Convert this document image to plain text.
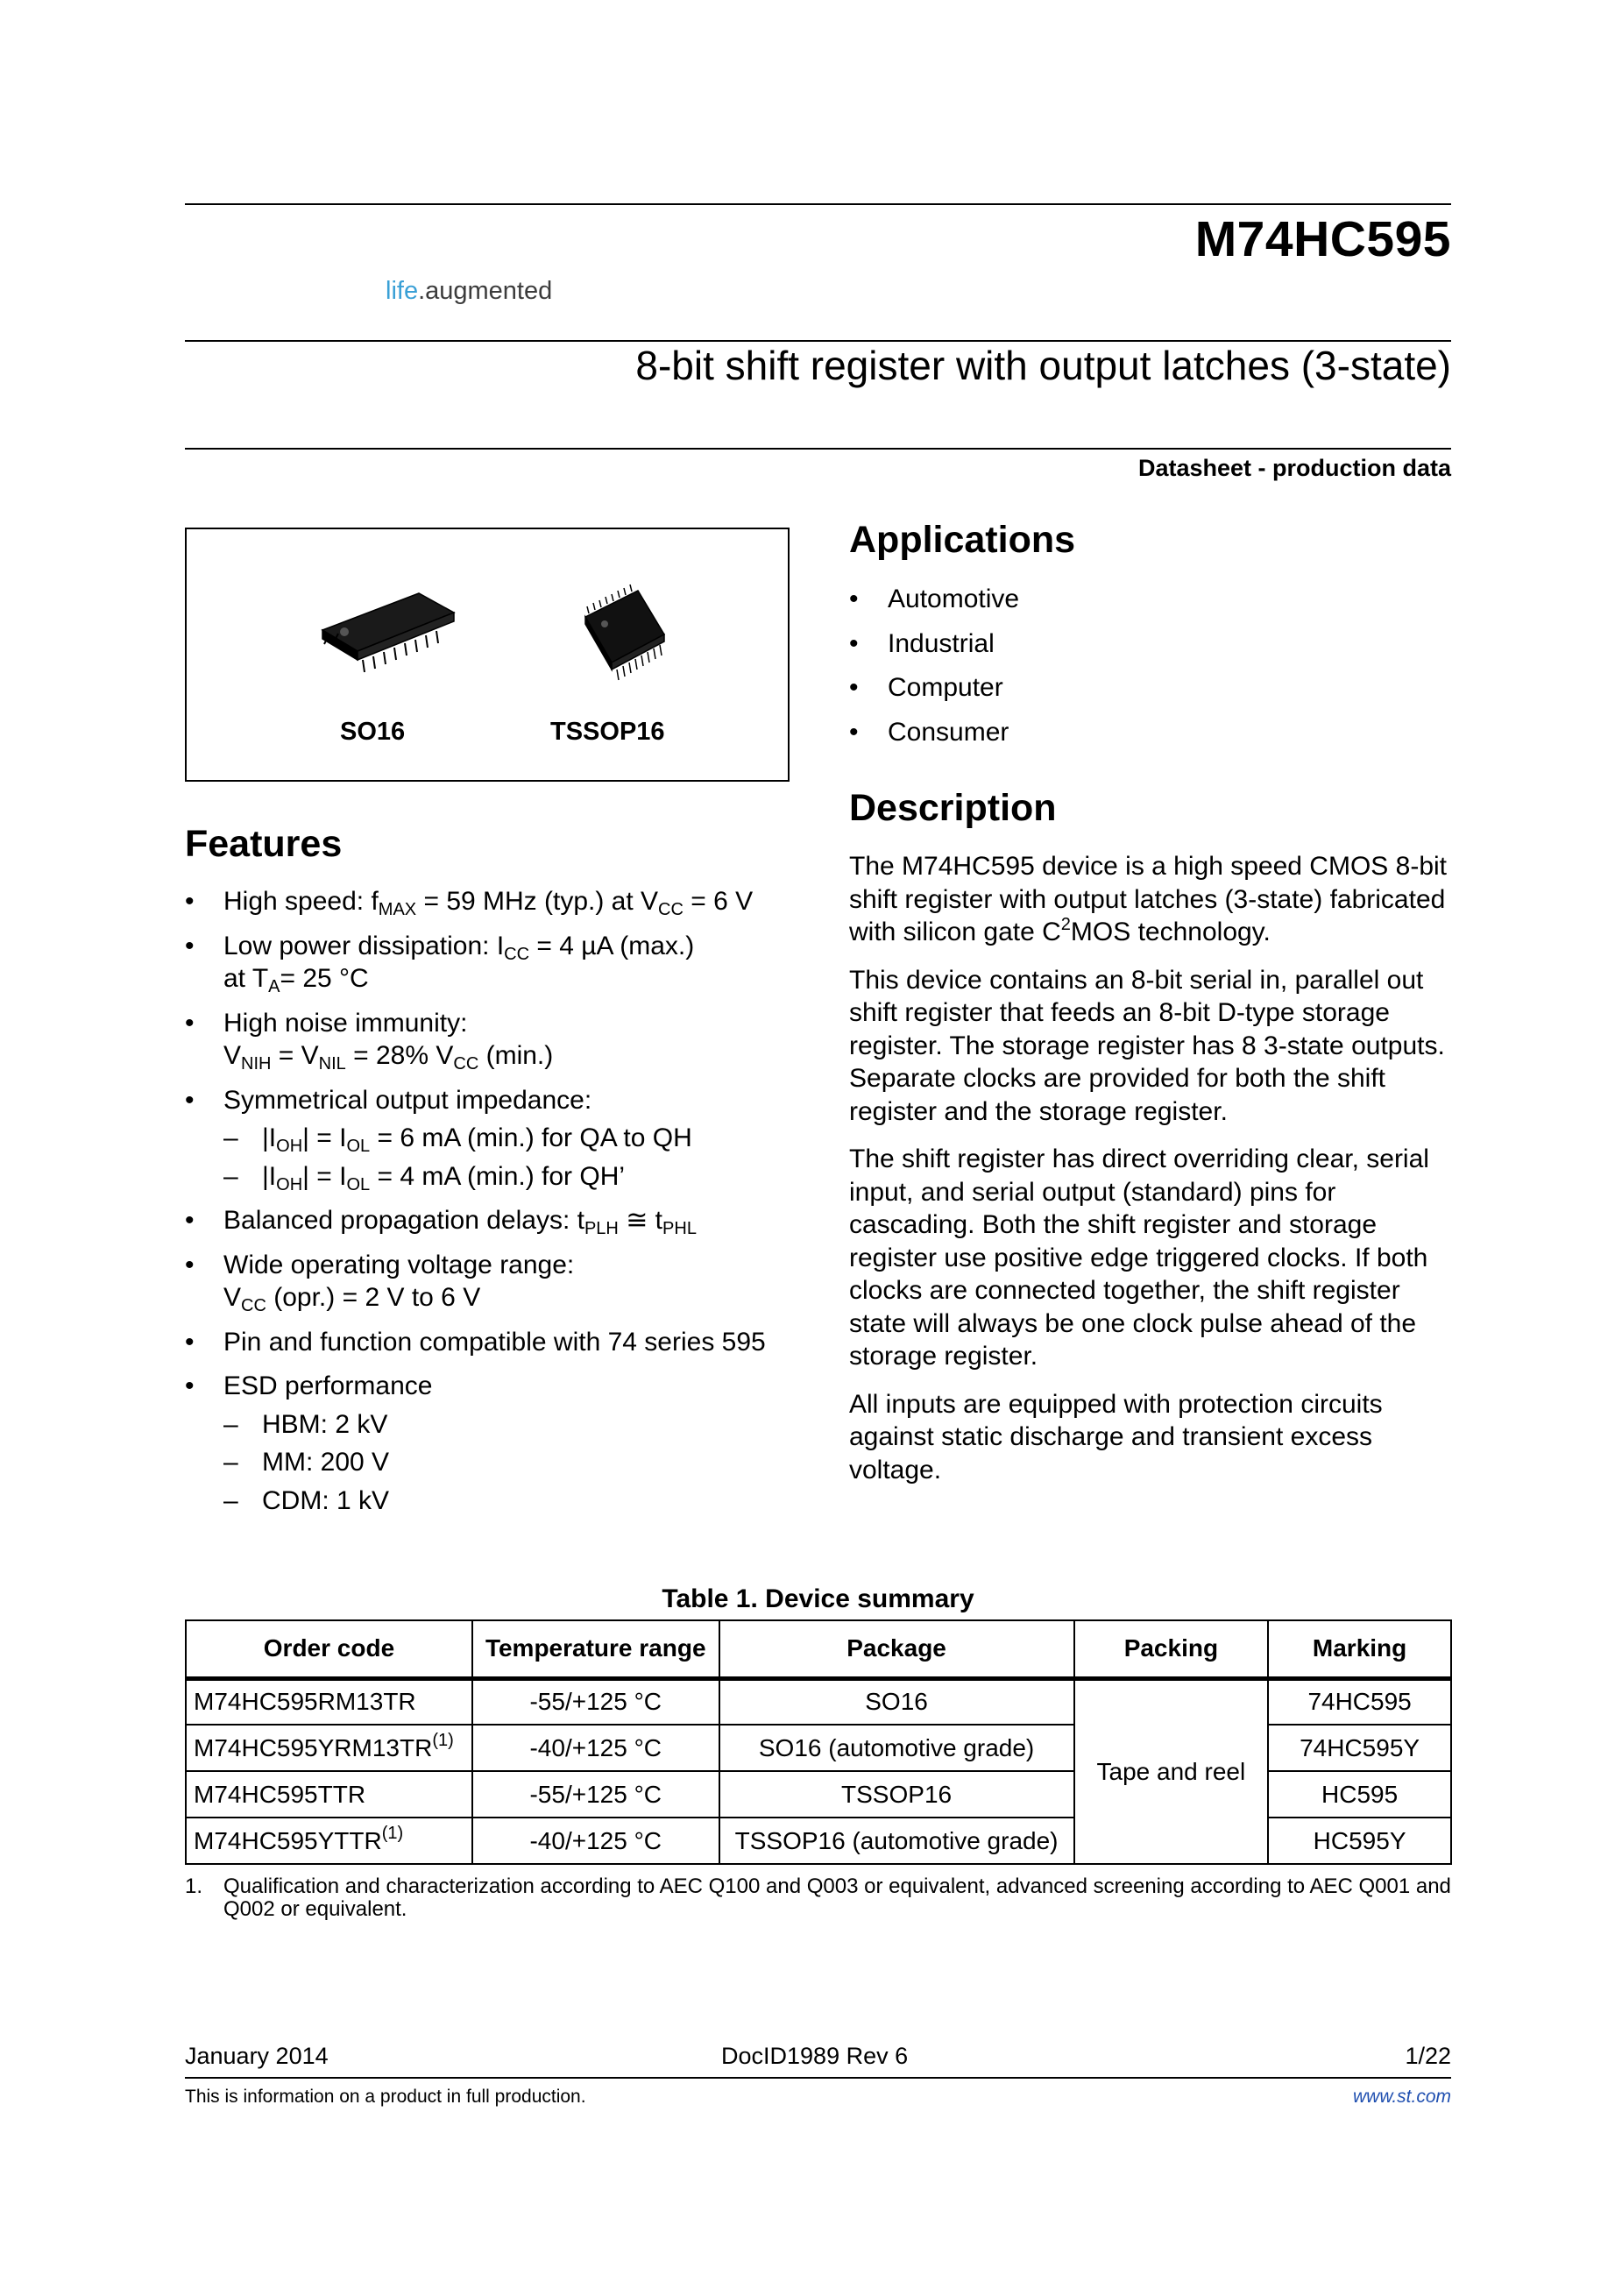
M74HC595
life.augmented
8-bit shift register with output latches (3-state)
Datasheet - production data
SO16	TSSOP16
Features
• High speed: $f_{MAX} = 59$ MHz (typ.) at $V_{CC} = 6$ V
• Low power dissipation: $I_{CC} = 4$ µA (max.)
at $T_A= 25$ °C
• High noise immunity:
$V_{NIH} = V_{NIL} = 28\%$ $V_{CC}$ (min.)
• Symmetrical output impedance:
– $|I_{OH}| = I_{OL} = 6$ mA (min.) for QA to QH
– $|I_{OH}| = I_{OL} = 4$ mA (min.) for QH’
• Balanced propagation delays: $t_{PLH}$ ≅ $t_{PHL}$
• Wide operating voltage range:
$V_{CC}$ (opr.) = 2 V to 6 V
• Pin and function compatible with 74 series 595
• ESD performance
– HBM: 2 kV
– MM: 200 V
– CDM: 1 kV
Applications
• Automotive
• Industrial
• Computer
• Consumer
Description

The M74HC595 device is a high speed CMOS 8-bit shift register with output latches (3-state) fabricated with silicon gate $C^2MOS$ technology.

This device contains an 8-bit serial in, parallel out shift register that feeds an 8-bit D-type storage register. The storage register has 8 3-state outputs. Separate clocks are provided for both the shift register and the storage register.

The shift register has direct overriding clear, serial input, and serial output (standard) pins for cascading. Both the shift register and storage register use positive edge triggered clocks. If both clocks are connected together, the shift register state will always be one clock pulse ahead of the storage register.

All inputs are equipped with protection circuits against static discharge and transient excess voltage.

Table 1. Device summary
Order code	Temperature range	Package	Packing	Marking
M74HC595RM13TR	-55/+125 °C	SO16	Tape and reel	74HC595
M74HC595YRM13TR$^{(1)}$	-40/+125 °C	SO16 (automotive grade)		74HC595Y
M74HC595TTR	-55/+125 °C	TSSOP16		HC595
M74HC595YTTR$^{(1)}$	-40/+125 °C	TSSOP16 (automotive grade)		HC595Y
1. Qualification and characterization according to AEC Q100 and Q003 or equivalent, advanced screening according to AEC Q001 and Q002 or equivalent.
January 2014	DocID1989 Rev 6	1/22
This is information on a product in full production.	www.st.com
